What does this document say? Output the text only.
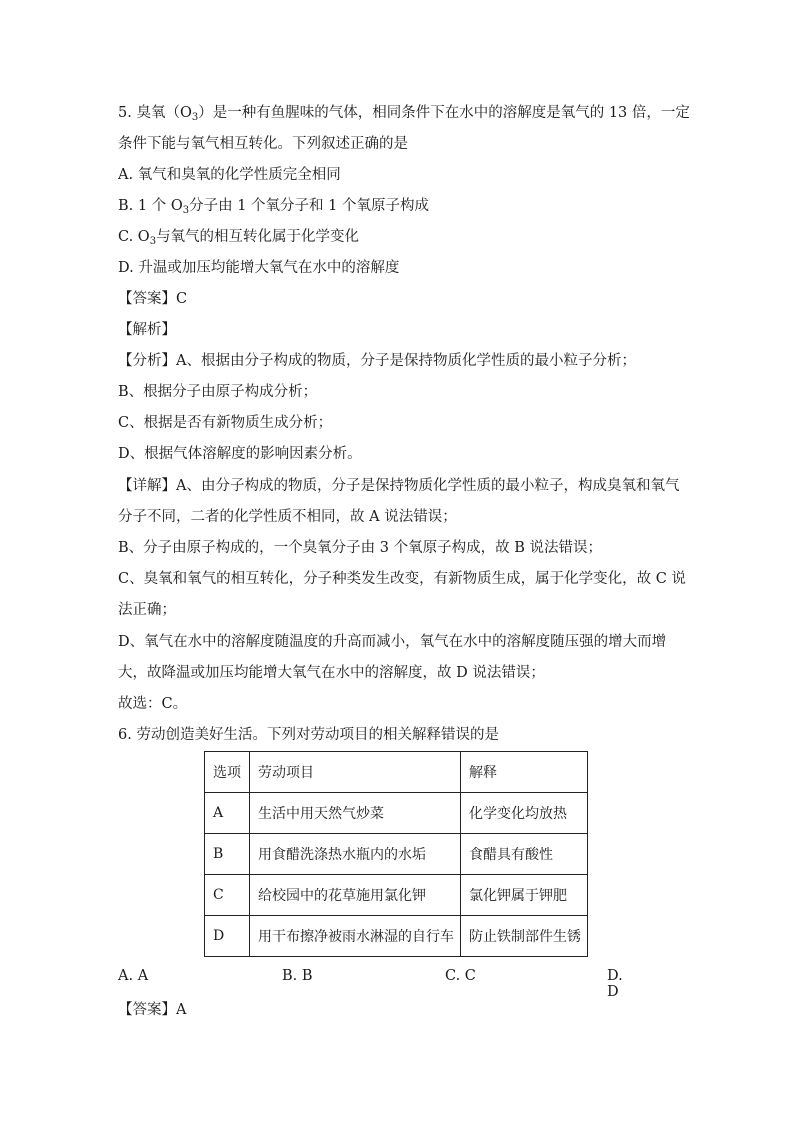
5. 臭氧$(O_3)$是一种有鱼腥味的气体，相同条件下在水中的溶解度是氧气的 13 倍，一定
条件下能与氧气相互转化。下列叙述正确的是
A. 氧气和臭氧的化学性质完全相同
B. 1 个 $O_3$分子由 1 个氧分子和 1 个氧原子构成
C. $O_3$与氧气的相互转化属于化学变化
D. 升温或加压均能增大氧气在水中的溶解度
【答案】C
【解析】
【分析】A、根据由分子构成的物质，分子是保持物质化学性质的最小粒子分析；
B、根据分子由原子构成分析；
C、根据是否有新物质生成分析；
D、根据气体溶解度的影响因素分析。
【详解】A、由分子构成的物质，分子是保持物质化学性质的最小粒子，构成臭氧和氧气
分子不同，二者的化学性质不相同，故 A 说法错误；
B、分子由原子构成的，一个臭氧分子由 3 个氧原子构成，故 B 说法错误；
C、臭氧和氧气的相互转化，分子种类发生改变，有新物质生成，属于化学变化，故 C 说
法正确；
D、氧气在水中的溶解度随温度的升高而减小，氧气在水中的溶解度随压强的增大而增
大，故降温或加压均能增大氧气在水中的溶解度，故 D 说法错误；
故选：C。
6. 劳动创造美好生活。下列对劳动项目的相关解释错误的是
选项	劳动项目	解释
A	生活中用天然气炒菜	化学变化均放热
B	用食醋洗涤热水瓶内的水垢	食醋具有酸性
C	给校园中的花草施用氯化钾	氯化钾属于钾肥
D	用干布擦净被雨水淋湿的自行车	防止铁制部件生锈
A. A	B. B	C. C	D. D
【答案】A
